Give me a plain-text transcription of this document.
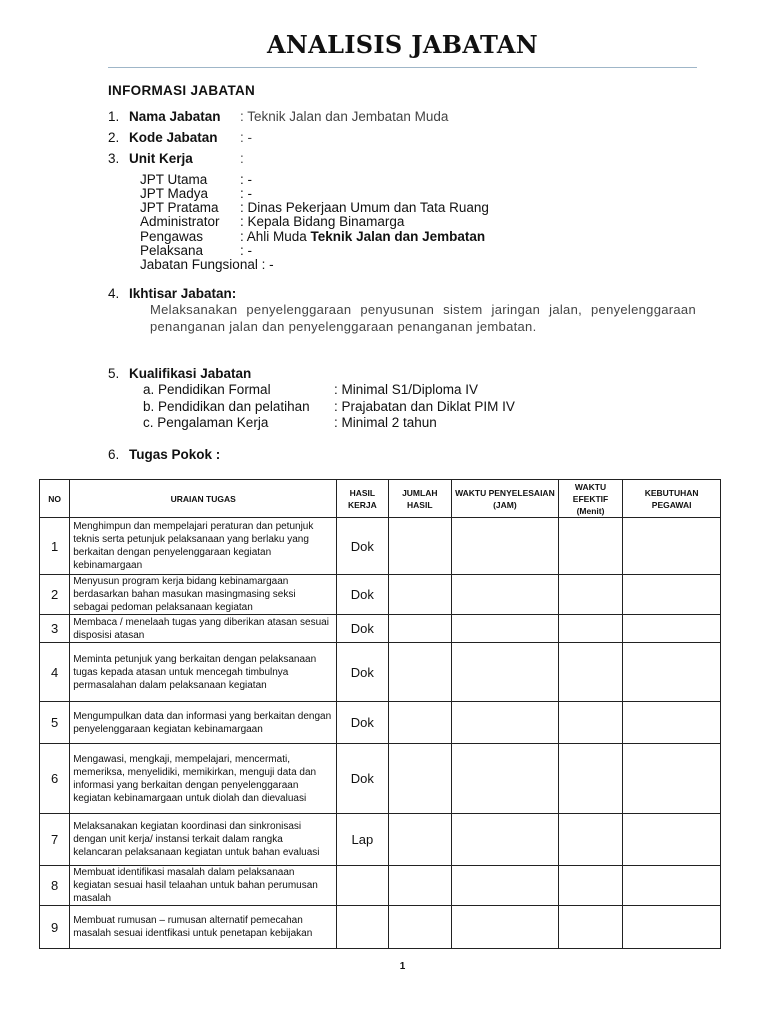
ANALISIS JABATAN
INFORMASI JABATAN
1. Nama Jabatan : Teknik Jalan dan Jembatan Muda
2. Kode Jabatan : -
3. Unit Kerja	:
JPT Utama : -
JPT Madya : -
JPT Pratama : Dinas Pekerjaan Umum dan Tata Ruang
Administrator : Kepala Bidang Binamarga
Pengawas	: Ahli Muda Teknik Jalan dan Jembatan
Pelaksana	: -
Jabatan Fungsional : -
4. Ikhtisar Jabatan:
Melaksanakan penyelenggaraan penyusunan sistem jaringan jalan, penyelenggaraan penanganan jalan dan penyelenggaraan penanganan jembatan.
5. Kualifikasi Jabatan
a. Pendidikan Formal	: Minimal S1/Diploma IV
b. Pendidikan dan pelatihan : Prajabatan dan Diklat PIM IV
c. Pengalaman Kerja	: Minimal 2 tahun
6. Tugas Pokok :
NO	URAIAN TUGAS	HASIL KERJA	JUMLAH HASIL	WAKTU PENYELESAIAN (JAM)	WAKTU EFEKTIF (Menit)	KEBUTUHAN PEGAWAI
1	Menghimpun dan mempelajari peraturan dan petunjuk teknis serta petunjuk pelaksanaan yang berlaku yang berkaitan dengan penyelenggaraan kegiatan kebinamargaan	Dok				
2	Menyusun program kerja bidang kebinamargaan berdasarkan bahan masukan masingmasing seksi sebagai pedoman pelaksanaan kegiatan	Dok				
3	Membaca / menelaah tugas yang diberikan atasan sesuai disposisi atasan	Dok				
4	Meminta petunjuk yang berkaitan dengan pelaksanaan tugas kepada atasan untuk mencegah timbulnya permasalahan dalam pelaksanaan kegiatan	Dok				
5	Mengumpulkan data dan informasi yang berkaitan dengan penyelenggaraan kegiatan kebinamargaan	Dok				
6	Mengawasi, mengkaji, mempelajari, mencermati, memeriksa, menyelidiki, memikirkan, menguji data dan informasi yang berkaitan dengan penyelenggaraan kegiatan kebinamargaan untuk diolah dan dievaluasi	Dok				
7	Melaksanakan kegiatan koordinasi dan sinkronisasi dengan unit kerja/ instansi terkait dalam rangka kelancaran pelaksanaan kegiatan untuk bahan evaluasi	Lap				
8	Membuat identifikasi masalah dalam pelaksanaan kegiatan sesuai hasil telaahan untuk bahan perumusan masalah					
9	Membuat rumusan – rumusan alternatif pemecahan masalah sesuai identfikasi untuk penetapan kebijakan					
1
